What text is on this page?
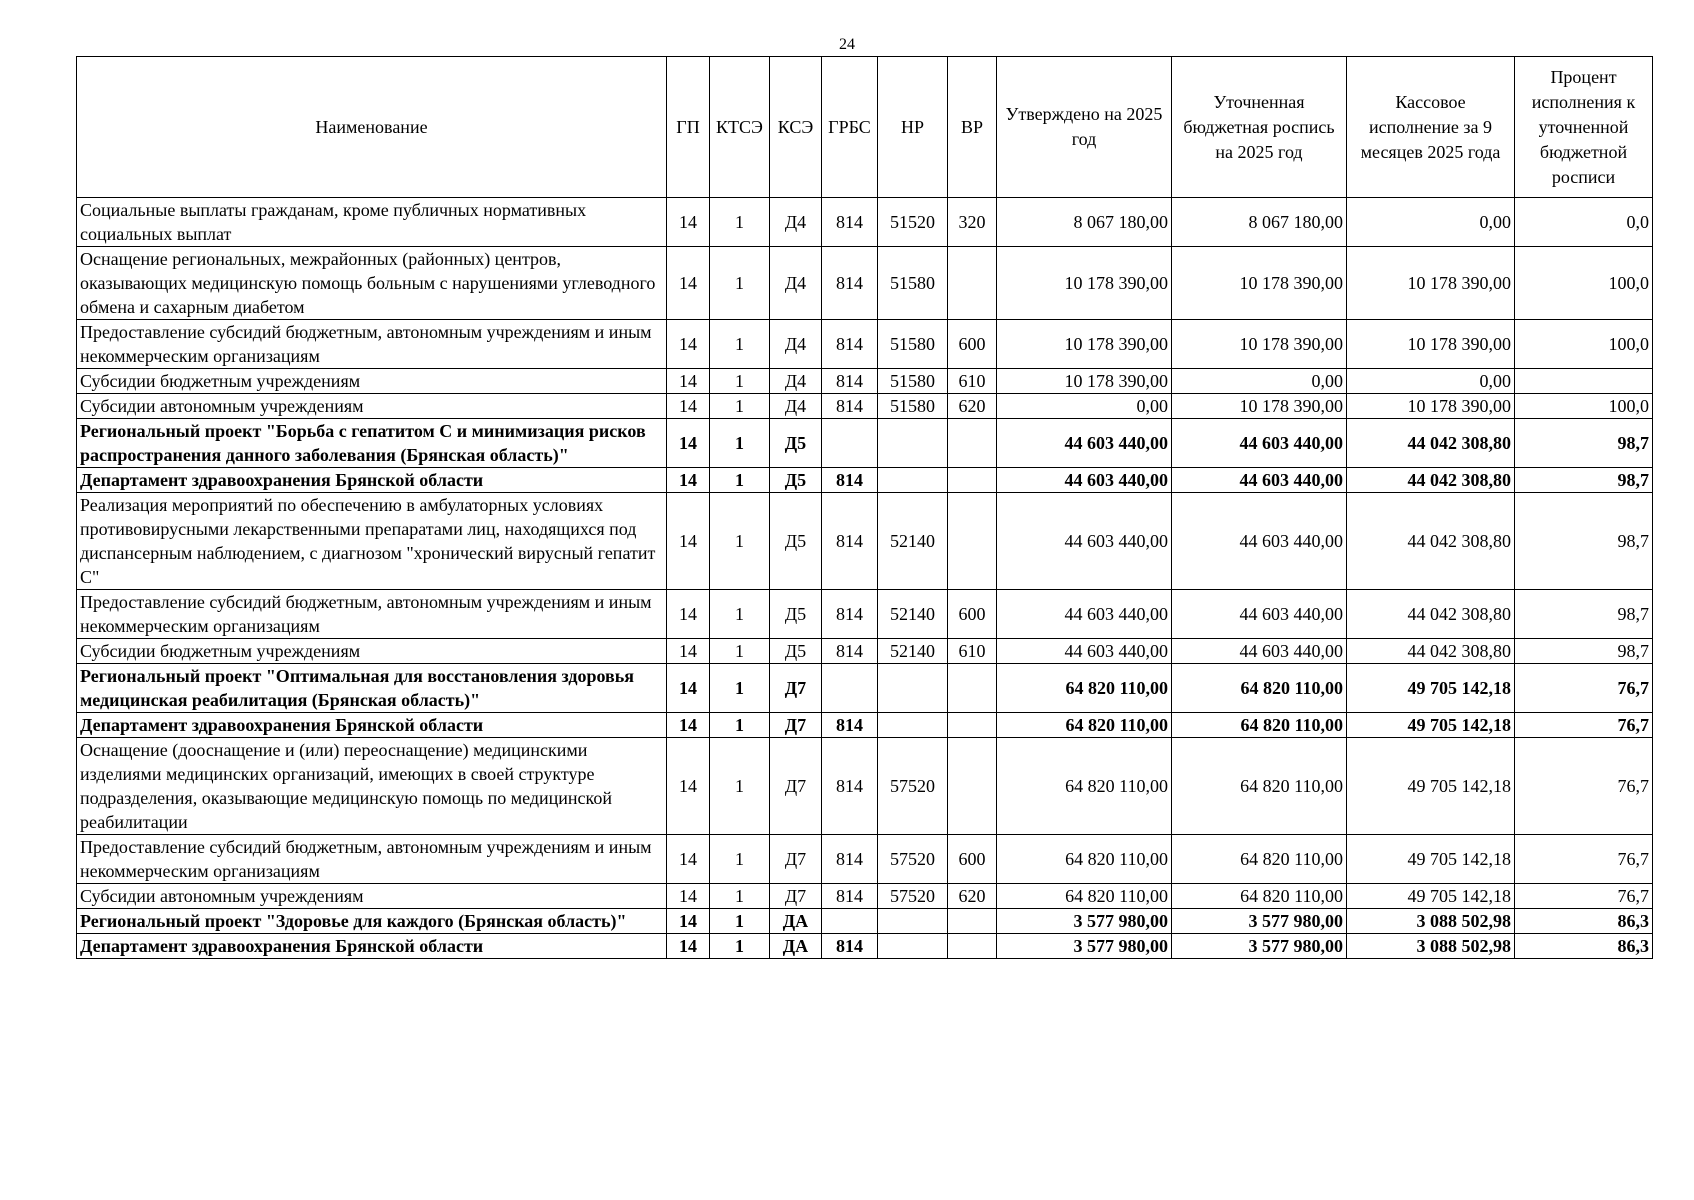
24
Наименование	ГП	КТСЭ	КСЭ	ГРБС	НР	ВР	Утверждено на 2025 год	Уточненная бюджетная роспись на 2025 год	Кассовое исполнение за 9 месяцев 2025 года	Процент исполнения к уточненной бюджетной росписи
Социальные выплаты гражданам, кроме публичных нормативных социальных выплат	14	1	Д4	814	51520	320	8 067 180,00	8 067 180,00	0,00	0,0
Оснащение региональных, межрайонных (районных) центров, оказывающих медицинскую помощь больным с нарушениями углеводного обмена и сахарным диабетом	14	1	Д4	814	51580		10 178 390,00	10 178 390,00	10 178 390,00	100,0
Предоставление субсидий бюджетным, автономным учреждениям и иным некоммерческим организациям	14	1	Д4	814	51580	600	10 178 390,00	10 178 390,00	10 178 390,00	100,0
Субсидии бюджетным учреждениям	14	1	Д4	814	51580	610	10 178 390,00	0,00	0,00	
Субсидии автономным учреждениям	14	1	Д4	814	51580	620	0,00	10 178 390,00	10 178 390,00	100,0
Региональный проект "Борьба с гепатитом С и минимизация рисков распространения данного заболевания (Брянская область)"	14	1	Д5				44 603 440,00	44 603 440,00	44 042 308,80	98,7
Департамент здравоохранения Брянской области	14	1	Д5	814			44 603 440,00	44 603 440,00	44 042 308,80	98,7
Реализация мероприятий по обеспечению в амбулаторных условиях противовирусными лекарственными препаратами лиц, находящихся под диспансерным наблюдением, с диагнозом "хронический вирусный гепатит С"	14	1	Д5	814	52140		44 603 440,00	44 603 440,00	44 042 308,80	98,7
Предоставление субсидий бюджетным, автономным учреждениям и иным некоммерческим организациям	14	1	Д5	814	52140	600	44 603 440,00	44 603 440,00	44 042 308,80	98,7
Субсидии бюджетным учреждениям	14	1	Д5	814	52140	610	44 603 440,00	44 603 440,00	44 042 308,80	98,7
Региональный проект "Оптимальная для восстановления здоровья медицинская реабилитация (Брянская область)"	14	1	Д7				64 820 110,00	64 820 110,00	49 705 142,18	76,7
Департамент здравоохранения Брянской области	14	1	Д7	814			64 820 110,00	64 820 110,00	49 705 142,18	76,7
Оснащение (дооснащение и (или) переоснащение) медицинскими изделиями медицинских организаций, имеющих в своей структуре подразделения, оказывающие медицинскую помощь по медицинской реабилитации	14	1	Д7	814	57520		64 820 110,00	64 820 110,00	49 705 142,18	76,7
Предоставление субсидий бюджетным, автономным учреждениям и иным некоммерческим организациям	14	1	Д7	814	57520	600	64 820 110,00	64 820 110,00	49 705 142,18	76,7
Субсидии автономным учреждениям	14	1	Д7	814	57520	620	64 820 110,00	64 820 110,00	49 705 142,18	76,7
Региональный проект "Здоровье для каждого (Брянская область)"	14	1	ДА				3 577 980,00	3 577 980,00	3 088 502,98	86,3
Департамент здравоохранения Брянской области	14	1	ДА	814			3 577 980,00	3 577 980,00	3 088 502,98	86,3
